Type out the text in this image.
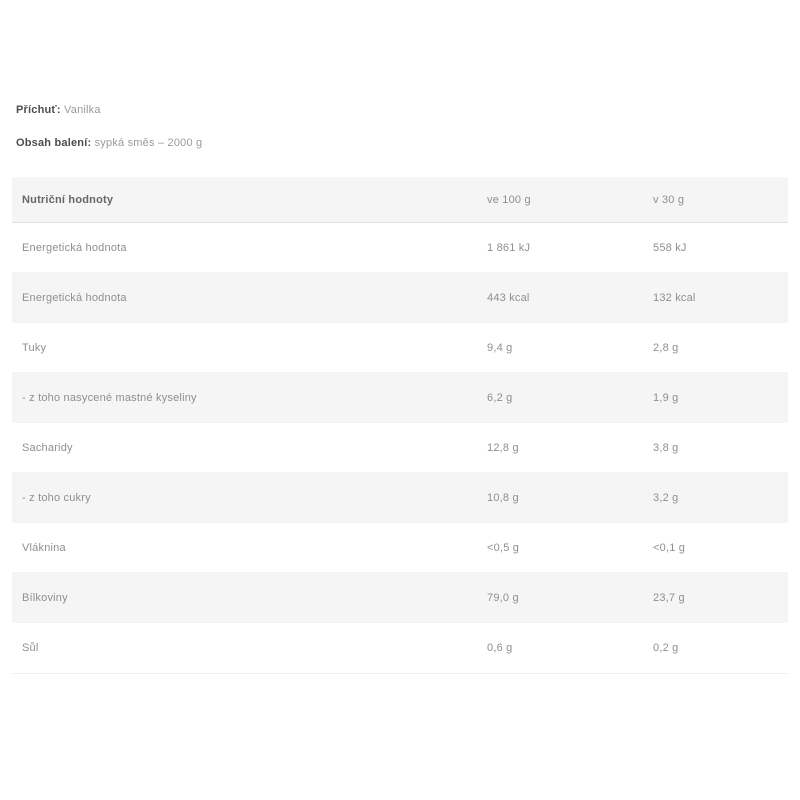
Příchuť: Vanilka

Obsah balení: sypká směs – 2000 g

Nutriční hodnoty	ve 100 g	v 30 g
Energetická hodnota	1 861 kJ	558 kJ
Energetická hodnota	443 kcal	132 kcal
Tuky	9,4 g	2,8 g
- z toho nasycené mastné kyseliny	6,2 g	1,9 g
Sacharidy	12,8 g	3,8 g
- z toho cukry	10,8 g	3,2 g
Vláknina	<0,5 g	<0,1 g
Bílkoviny	79,0 g	23,7 g
Sůl	0,6 g	0,2 g
